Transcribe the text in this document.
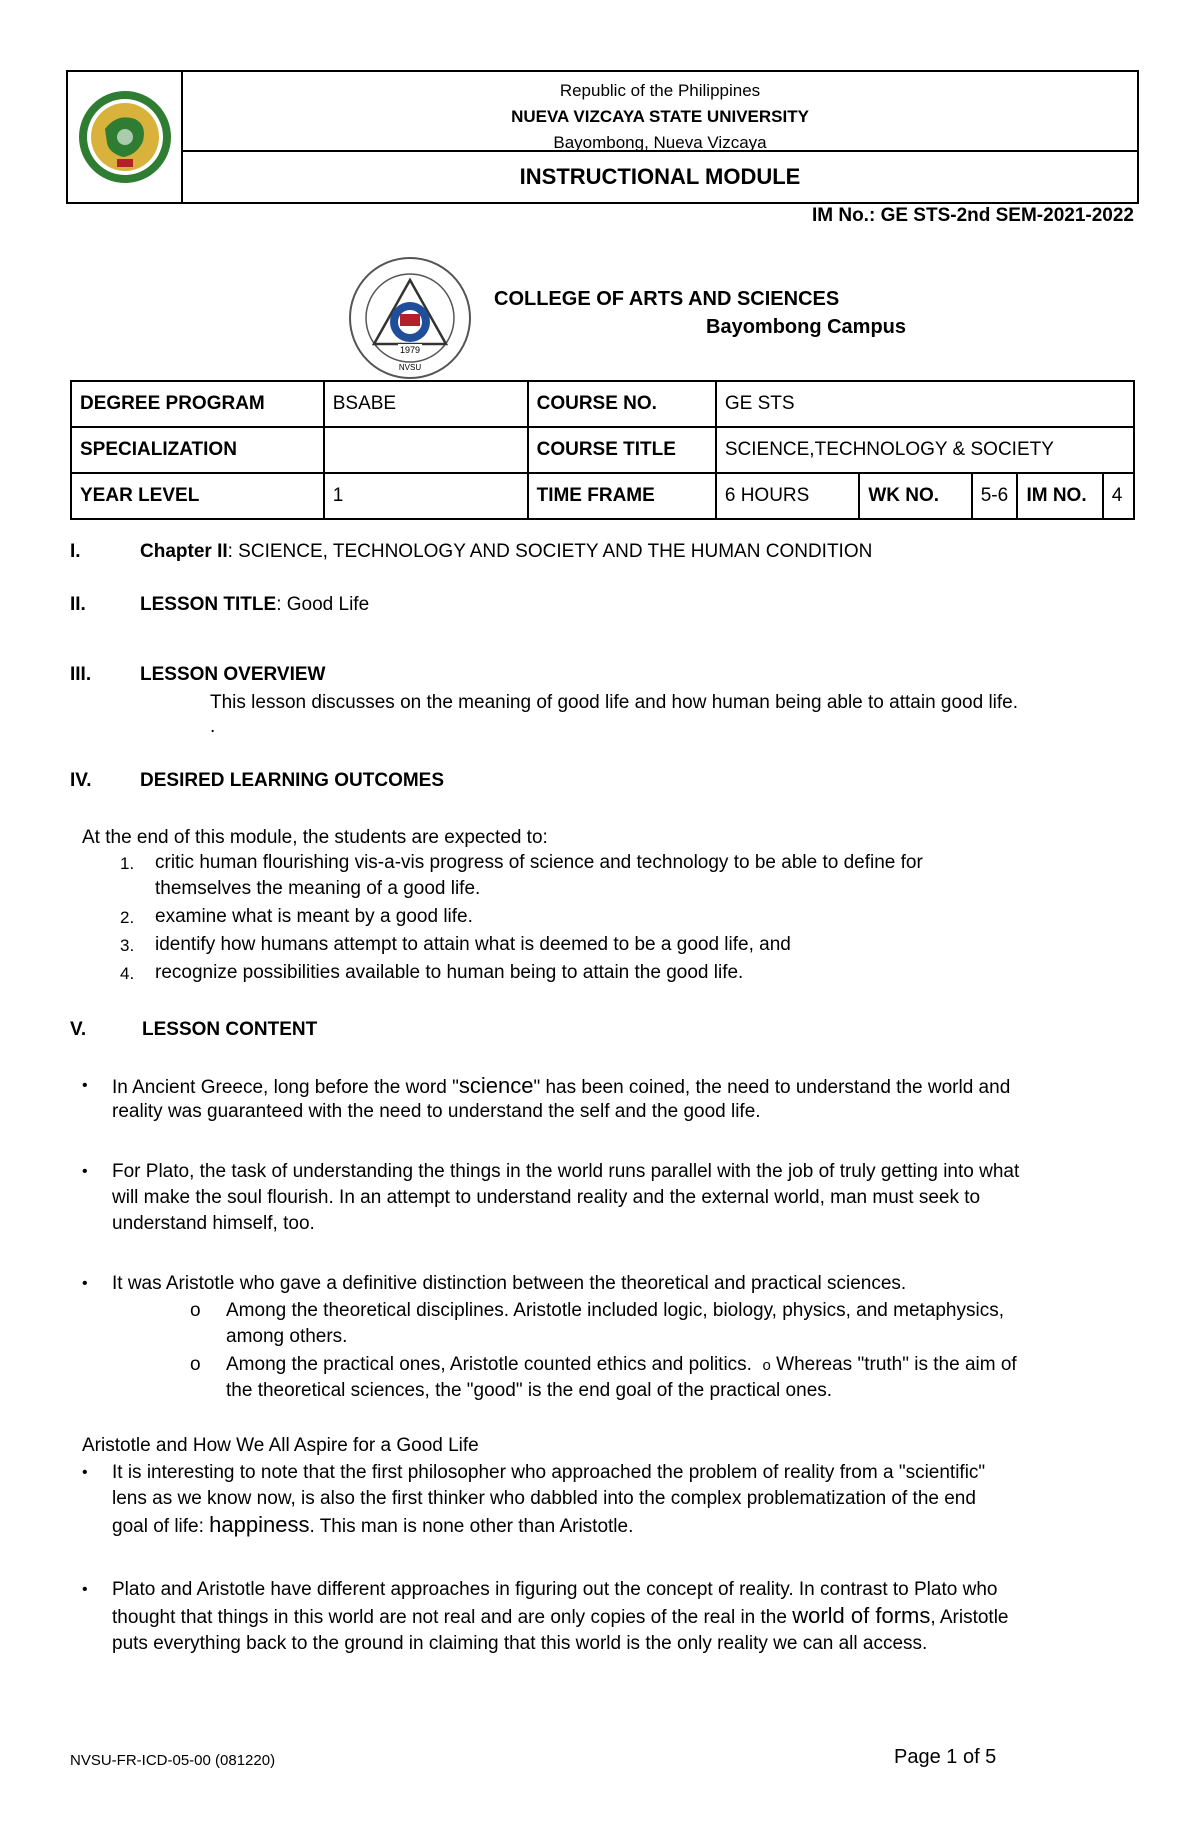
Republic of the Philippines
NUEVA VIZCAYA STATE UNIVERSITY
Bayombong, Nueva Vizcaya
INSTRUCTIONAL MODULE
IM No.: GE STS-2nd SEM-2021-2022
1979
NVSU
COLLEGE OF ARTS AND SCIENCES
Bayombong Campus
DEGREE PROGRAM	BSABE	COURSE NO.	GE STS				
SPECIALIZATION		COURSE TITLE	SCIENCE,TECHNOLOGY & SOCIETY				
YEAR LEVEL	1	TIME FRAME	6 HOURS	WK NO.	5-6	IM NO.	4
I.	Chapter II: SCIENCE, TECHNOLOGY AND SOCIETY AND THE HUMAN CONDITION
II.	LESSON TITLE: Good Life
III.	LESSON OVERVIEW
This lesson discusses on the meaning of good life and how human being able to attain good life.
.
IV.	DESIRED LEARNING OUTCOMES
At the end of this module, the students are expected to:
1. critic human flourishing vis-a-vis progress of science and technology to be able to define for
themselves the meaning of a good life.
2. examine what is meant by a good life.
3. identify how humans attempt to attain what is deemed to be a good life, and
4. recognize possibilities available to human being to attain the good life.
V.	LESSON CONTENT
• In Ancient Greece, long before the word "science" has been coined, the need to understand the world and
reality was guaranteed with the need to understand the self and the good life.
• For Plato, the task of understanding the things in the world runs parallel with the job of truly getting into what
will make the soul flourish. In an attempt to understand reality and the external world, man must seek to
understand himself, too.
• It was Aristotle who gave a definitive distinction between the theoretical and practical sciences.
o Among the theoretical disciplines. Aristotle included logic, biology, physics, and metaphysics,
among others.
o Among the practical ones, Aristotle counted ethics and politics. o Whereas "truth" is the aim of
the theoretical sciences, the "good" is the end goal of the practical ones.
Aristotle and How We All Aspire for a Good Life
• It is interesting to note that the first philosopher who approached the problem of reality from a "scientific"
lens as we know now, is also the first thinker who dabbled into the complex problematization of the end
goal of life: happiness. This man is none other than Aristotle.
• Plato and Aristotle have different approaches in figuring out the concept of reality. In contrast to Plato who
thought that things in this world are not real and are only copies of the real in the world of forms, Aristotle
puts everything back to the ground in claiming that this world is the only reality we can all access.
NVSU-FR-ICD-05-00 (081220)	Page 1 of 5
